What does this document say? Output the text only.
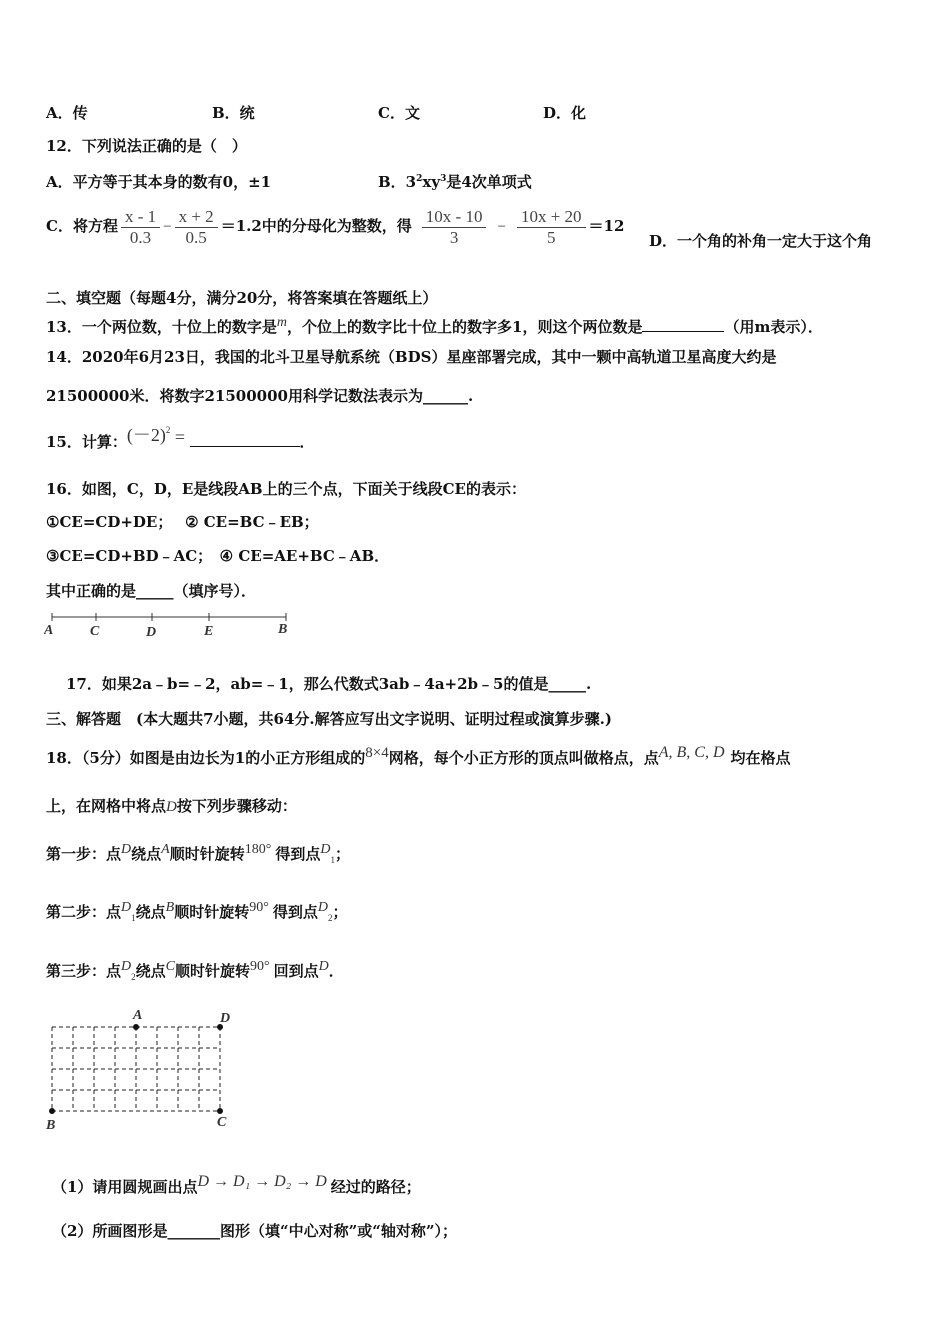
A．传	B．统	C．文	D．化
12．下列说法正确的是（　）
A．平方等于其本身的数有0，±1	B．$3^2xy^3$是4次单项式
C．将方程 $\frac{x - 1}{0.3} - \frac{x + 2}{0.5} =1.2$中的分母化为整数，得 $\frac{10x - 10}{3} - \frac{10x + 20}{5} =12$
D．一个角的补角一定大于这个角
二、填空题（每题4分，满分20分，将答案填在答题纸上）
13．一个两位数，十位上的数字是$^m$，个位上的数字比十位上的数字多1，则这个两位数是	（用m表示）．
14．2020年6月23日，我国的北斗卫星导航系统（BDS）星座部署完成，其中一颗中高轨道卫星高度大约是
21500000米．将数字21500000用科学记数法表示为______.
15．计算：$(-2)^2$ =	．
16．如图，C，D，E是线段AB上的三个点，下面关于线段CE的表示：
①CE=CD+DE；　 ② CE=BC﹣EB；
③CE=CD+BD﹣AC；　④ CE=AE+BC﹣AB．
其中正确的是_____（填序号）．
A	C	D	E	B
17．如果2a﹣b=﹣2，ab=﹣1，那么代数式3ab﹣4a+2b﹣5的值是_____.
三、解答题　(本大题共7小题，共64分.解答应写出文字说明、证明过程或演算步骤.)
18．（5分）如图是由边长为1的小正方形组成的$^{8\times 4}$网格，每个小正方形的顶点叫做格点，点$^{A, B, C, D}$ 均在格点
上，在网格中将点D按下列步骤移动：
第一步：点$^D$绕点$^A$顺时针旋转$^{180^\circ}$ 得到点$^D_1$；
第二步：点$^D_1$绕点$^B$顺时针旋转$^{90^\circ}$ 得到点$^D_2$；
第三步：点$^D_2$绕点$^C$顺时针旋转$^{90^\circ}$ 回到点$^D$．
A	D
B	C
（1）请用圆规画出点$^{D \to D_1 \to D_2 \to D}$ 经过的路径；
（2）所画图形是_______图形（填“中心对称”或“轴对称”）；
